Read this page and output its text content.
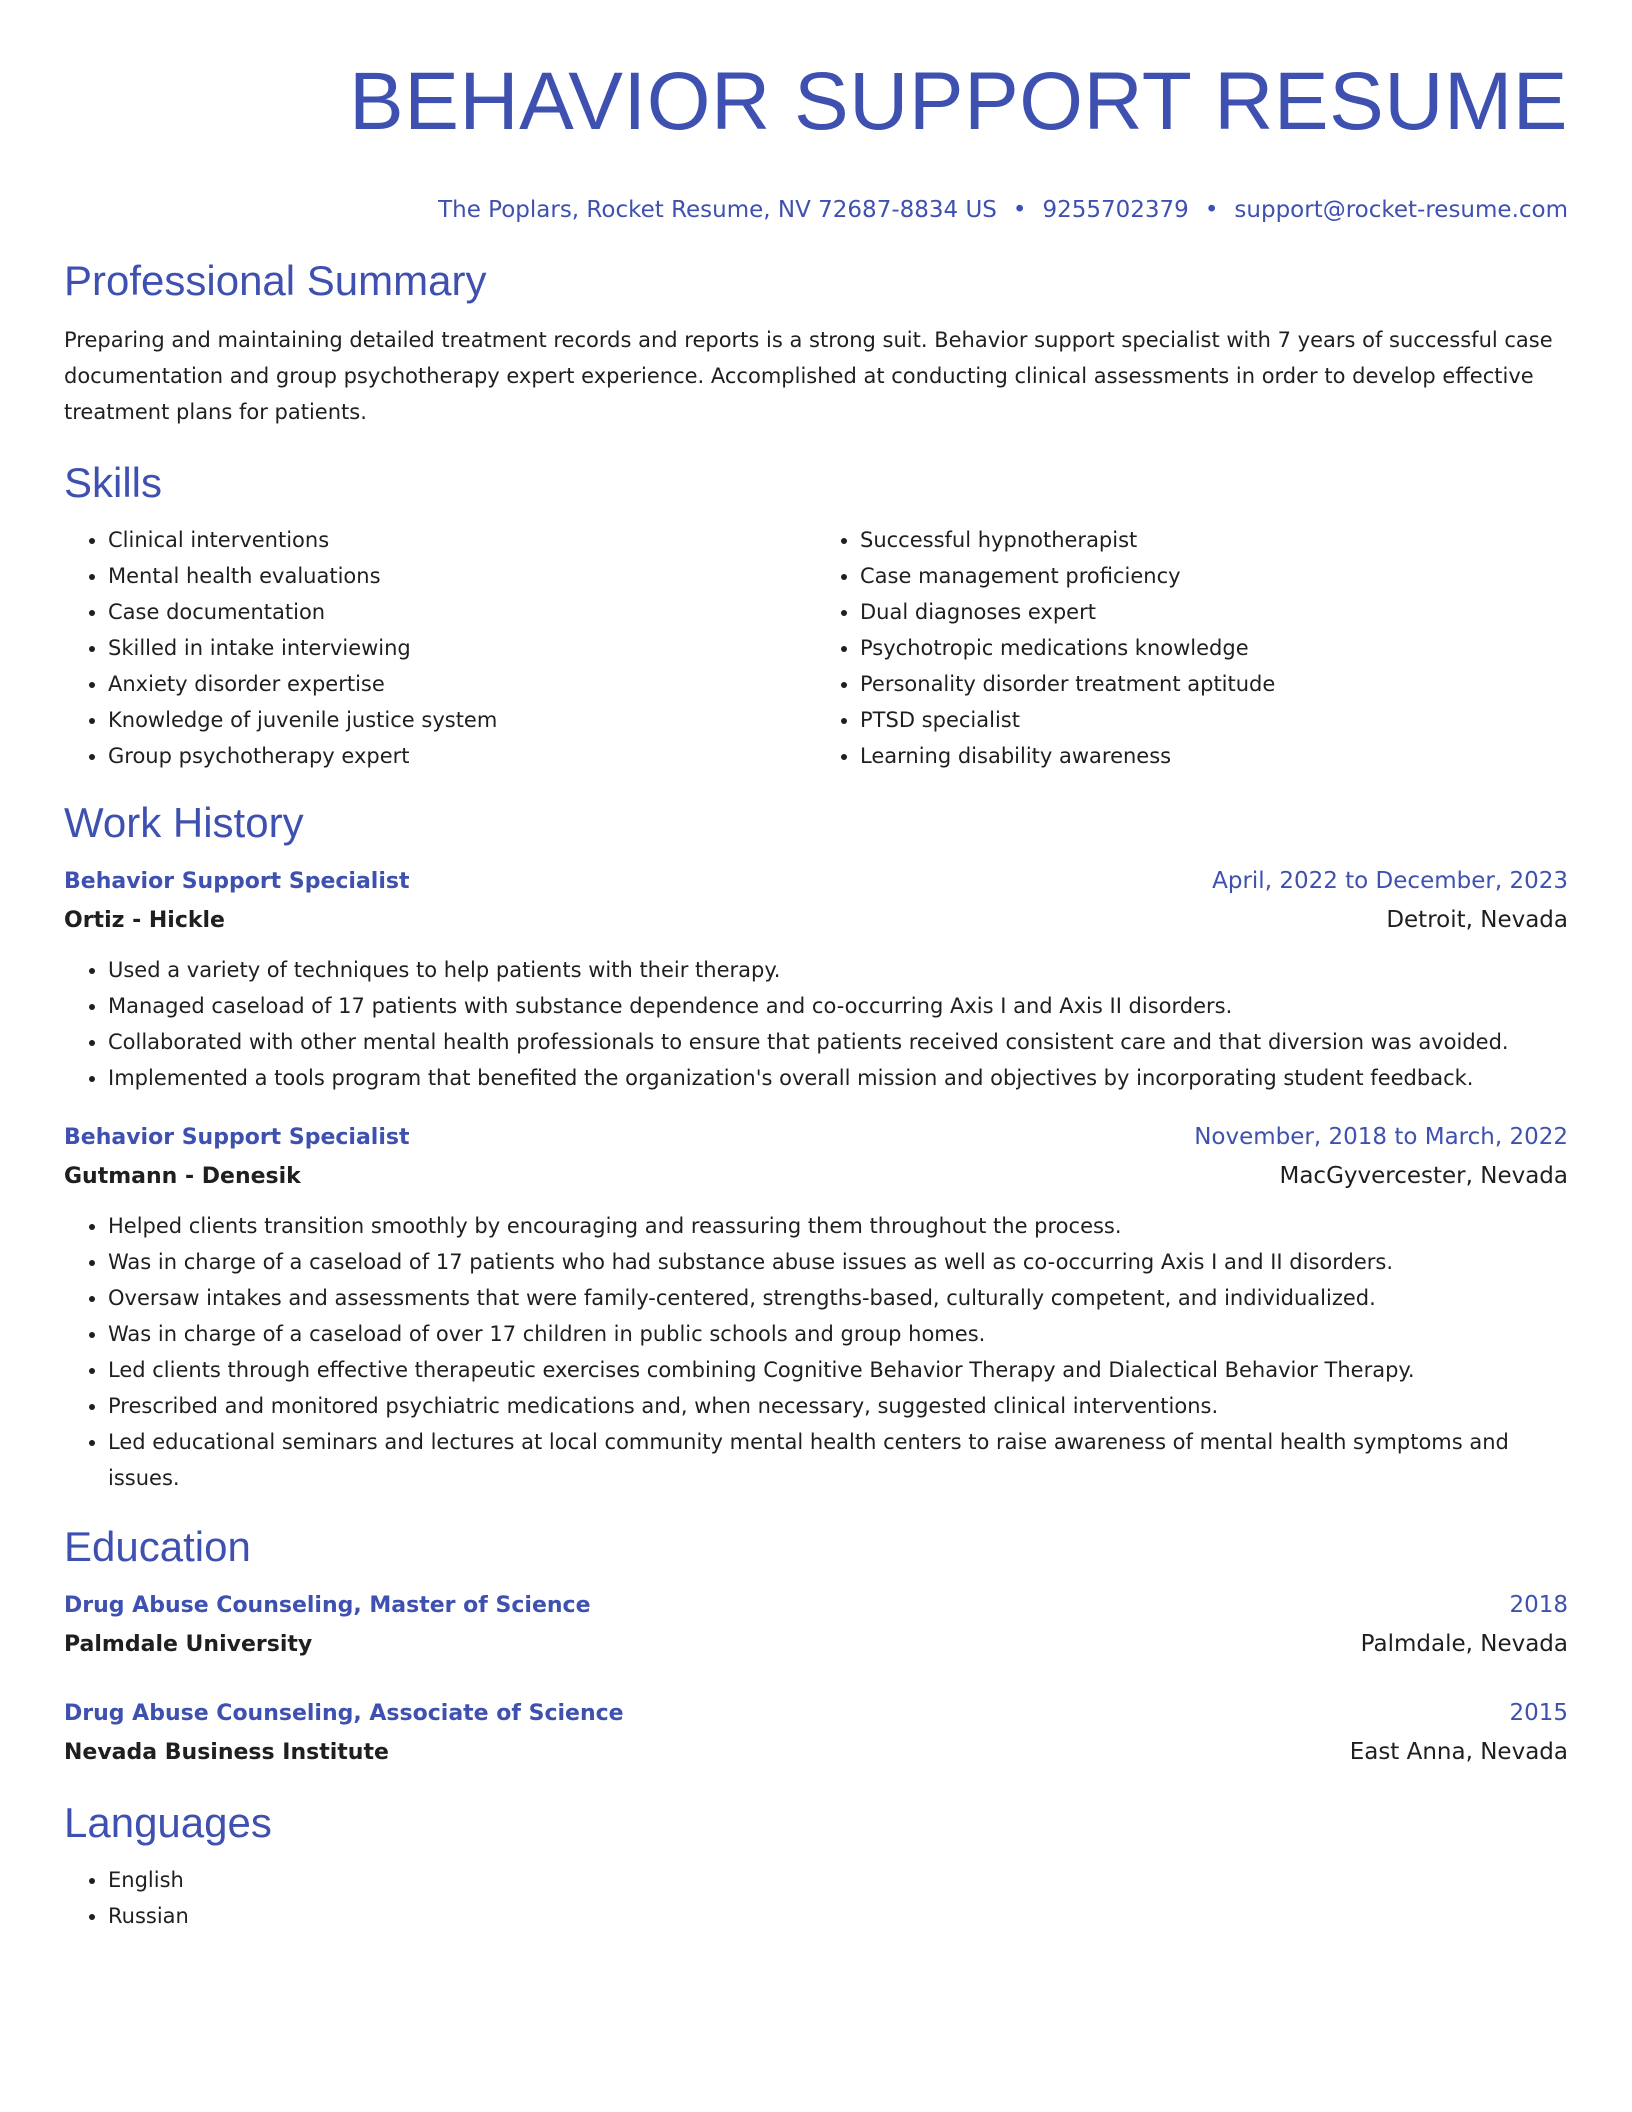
BEHAVIOR SUPPORT RESUME
The Poplars, Rocket Resume, NV 72687-8834 US • 9255702379 • support@rocket-resume.com
Professional Summary

Preparing and maintaining detailed treatment records and reports is a strong suit. Behavior support specialist with 7 years of successful case documentation and group psychotherapy expert experience. Accomplished at conducting clinical assessments in order to develop effective treatment plans for patients.

Skills
• Clinical interventions
• Mental health evaluations
• Case documentation
• Skilled in intake interviewing
• Anxiety disorder expertise
• Knowledge of juvenile justice system
• Group psychotherapy expert
• Successful hypnotherapist
• Case management proficiency
• Dual diagnoses expert
• Psychotropic medications knowledge
• Personality disorder treatment aptitude
• PTSD specialist
• Learning disability awareness
Work History
Behavior Support Specialist	April, 2022 to December, 2023
Ortiz - Hickle	Detroit, Nevada
• Used a variety of techniques to help patients with their therapy.
• Managed caseload of 17 patients with substance dependence and co-occurring Axis I and Axis II disorders.
• Collaborated with other mental health professionals to ensure that patients received consistent care and that diversion was avoided.
• Implemented a tools program that benefited the organization's overall mission and objectives by incorporating student feedback.
Behavior Support Specialist	November, 2018 to March, 2022
Gutmann - Denesik	MacGyvercester, Nevada
• Helped clients transition smoothly by encouraging and reassuring them throughout the process.
• Was in charge of a caseload of 17 patients who had substance abuse issues as well as co-occurring Axis I and II disorders.
• Oversaw intakes and assessments that were family-centered, strengths-based, culturally competent, and individualized.
• Was in charge of a caseload of over 17 children in public schools and group homes.
• Led clients through effective therapeutic exercises combining Cognitive Behavior Therapy and Dialectical Behavior Therapy.
• Prescribed and monitored psychiatric medications and, when necessary, suggested clinical interventions.
• Led educational seminars and lectures at local community mental health centers to raise awareness of mental health symptoms and issues.
Education
Drug Abuse Counseling, Master of Science	2018
Palmdale University	Palmdale, Nevada
Drug Abuse Counseling, Associate of Science	2015
Nevada Business Institute	East Anna, Nevada
Languages
• English
• Russian
